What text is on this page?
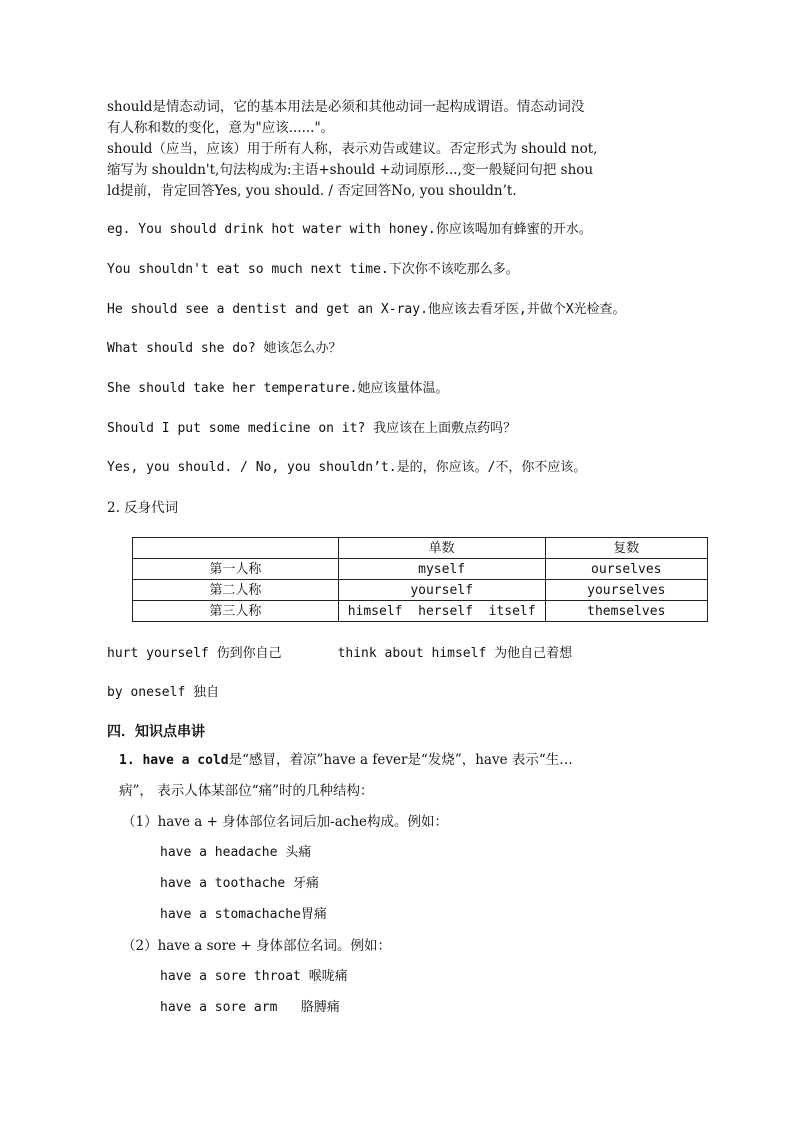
should是情态动词，它的基本用法是必须和其他动词一起构成谓语。情态动词没
有人称和数的变化，意为"应该......"。
should（应当，应该）用于所有人称，表示劝告或建议。否定形式为 should not,
缩写为 shouldn't,句法构成为:主语+should +动词原形...,变一般疑问句把 shou
ld提前，肯定回答Yes, you should. / 否定回答No, you shouldn’t.
eg. You should drink hot water with honey.你应该喝加有蜂蜜的开水。
You shouldn't eat so much next time.下次你不该吃那么多。
He should see a dentist and get an X-ray.他应该去看牙医,并做个X光检查。
What should she do? 她该怎么办？
She should take her temperature.她应该量体温。
Should I put some medicine on it? 我应该在上面敷点药吗？
Yes, you should. / No, you shouldn’t.是的，你应该。/不，你不应该。
2. 反身代词
	单数	复数
第一人称	myself	ourselves
第二人称	yourself	yourselves
第三人称	himself  herself  itself	themselves
hurt yourself 伤到你自己	think about himself 为他自己着想
by oneself 独自
四．知识点串讲
1. have a cold是“感冒，着凉”have a fever是“发烧”，have 表示“生…
病”， 表示人体某部位“痛”时的几种结构：
（1）have a + 身体部位名词后加-ache构成。例如：
have a headache 头痛
have a toothache 牙痛
have a stomachache胃痛
（2）have a sore + 身体部位名词。例如：
have a sore throat 喉咙痛
have a sore arm   胳膊痛
